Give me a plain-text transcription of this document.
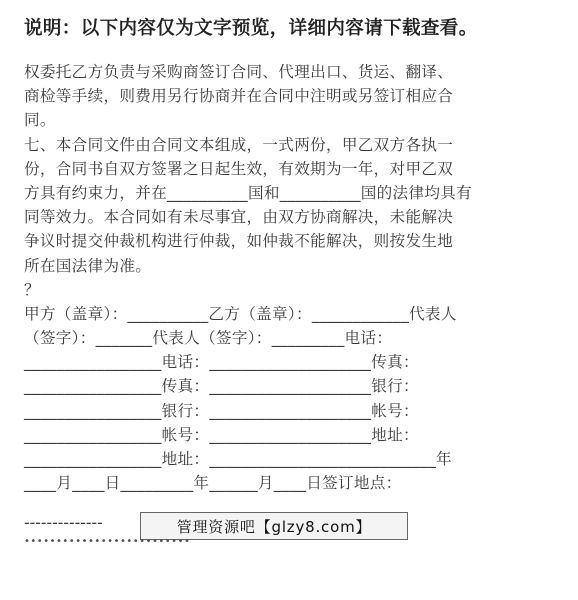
说明：以下内容仅为文字预览，详细内容请下载查看。
权委托乙方负责与采购商签订合同、代理出口、货运、翻译、
商检等手续，则费用另行协商并在合同中注明或另签订相应合
同。
七、本合同文件由合同文本组成，一式两份，甲乙双方各执一
份，合同书自双方签署之日起生效，有效期为一年，对甲乙双
方具有约束力，并在__________国和__________国的法律均具有
同等效力。本合同如有未尽事宜，由双方协商解决，未能解决
争议时提交仲裁机构进行仲裁，如仲裁不能解决，则按发生地
所在国法律为准。
？
甲方（盖章）：__________乙方（盖章）：____________代表人
（签字）：_______代表人（签字）：_________电话：
_________________电话：____________________传真：
_________________传真：____________________银行：
_________________银行：____________________帐号：
_________________帐号：____________________地址：
_________________地址：____________________________年
____月____日_________年______月____日签订地点：
--------------	管理资源吧【glzy8.com】
••••••••••••••••••••••••••
